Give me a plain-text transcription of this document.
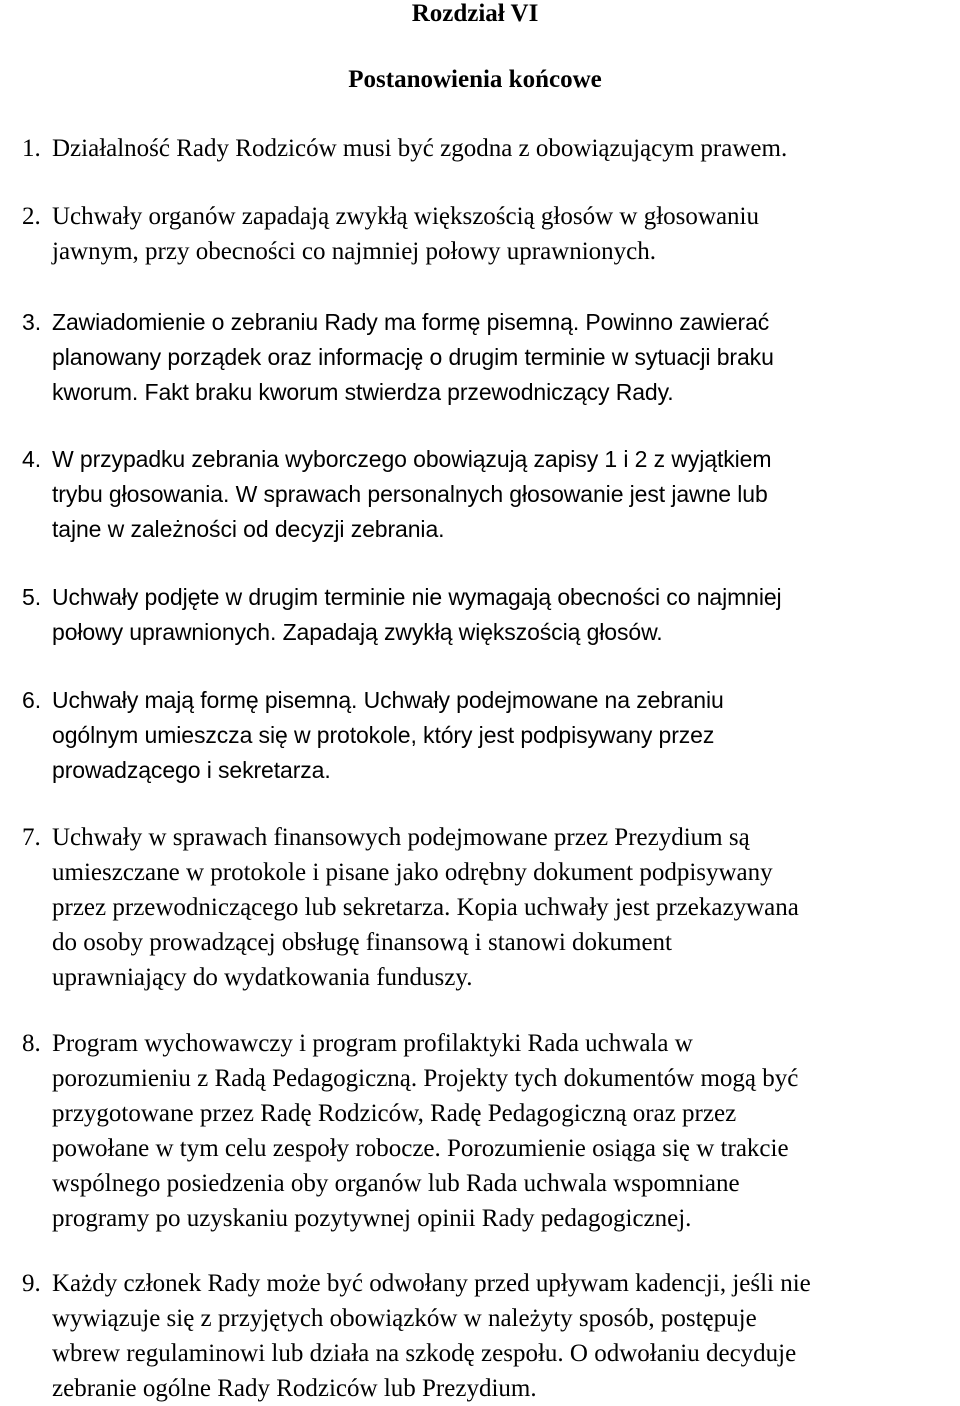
Rozdział VI
Postanowienia końcowe
1. Działalność Rady Rodziców musi być zgodna z obowiązującym prawem.
2. Uchwały organów zapadają zwykłą większością głosów w głosowaniu
jawnym, przy obecności co najmniej połowy uprawnionych.
3. Zawiadomienie o zebraniu Rady ma formę pisemną. Powinno zawierać
planowany porządek oraz informację o drugim terminie w sytuacji braku
kworum. Fakt braku kworum stwierdza przewodniczący Rady.
4. W przypadku zebrania wyborczego obowiązują zapisy 1 i 2 z wyjątkiem
trybu głosowania. W sprawach personalnych głosowanie jest jawne lub
tajne w zależności od decyzji zebrania.
5. Uchwały podjęte w drugim terminie nie wymagają obecności co najmniej
połowy uprawnionych. Zapadają zwykłą większością głosów.
6. Uchwały mają formę pisemną. Uchwały podejmowane na zebraniu
ogólnym umieszcza się w protokole, który jest podpisywany przez
prowadzącego i sekretarza.
7. Uchwały w sprawach finansowych podejmowane przez Prezydium są
umieszczane w protokole i pisane jako odrębny dokument podpisywany
przez przewodniczącego lub sekretarza. Kopia uchwały jest przekazywana
do osoby prowadzącej obsługę finansową i stanowi dokument
uprawniający do wydatkowania funduszy.
8. Program wychowawczy i program profilaktyki Rada uchwala w
porozumieniu z Radą Pedagogiczną. Projekty tych dokumentów mogą być
przygotowane przez Radę Rodziców, Radę Pedagogiczną oraz przez
powołane w tym celu zespoły robocze. Porozumienie osiąga się w trakcie
wspólnego posiedzenia oby organów lub Rada uchwala wspomniane
programy po uzyskaniu pozytywnej opinii Rady pedagogicznej.
9. Każdy członek Rady może być odwołany przed upływam kadencji, jeśli nie
wywiązuje się z przyjętych obowiązków w należyty sposób, postępuje
wbrew regulaminowi lub działa na szkodę zespołu. O odwołaniu decyduje
zebranie ogólne Rady Rodziców lub Prezydium.
